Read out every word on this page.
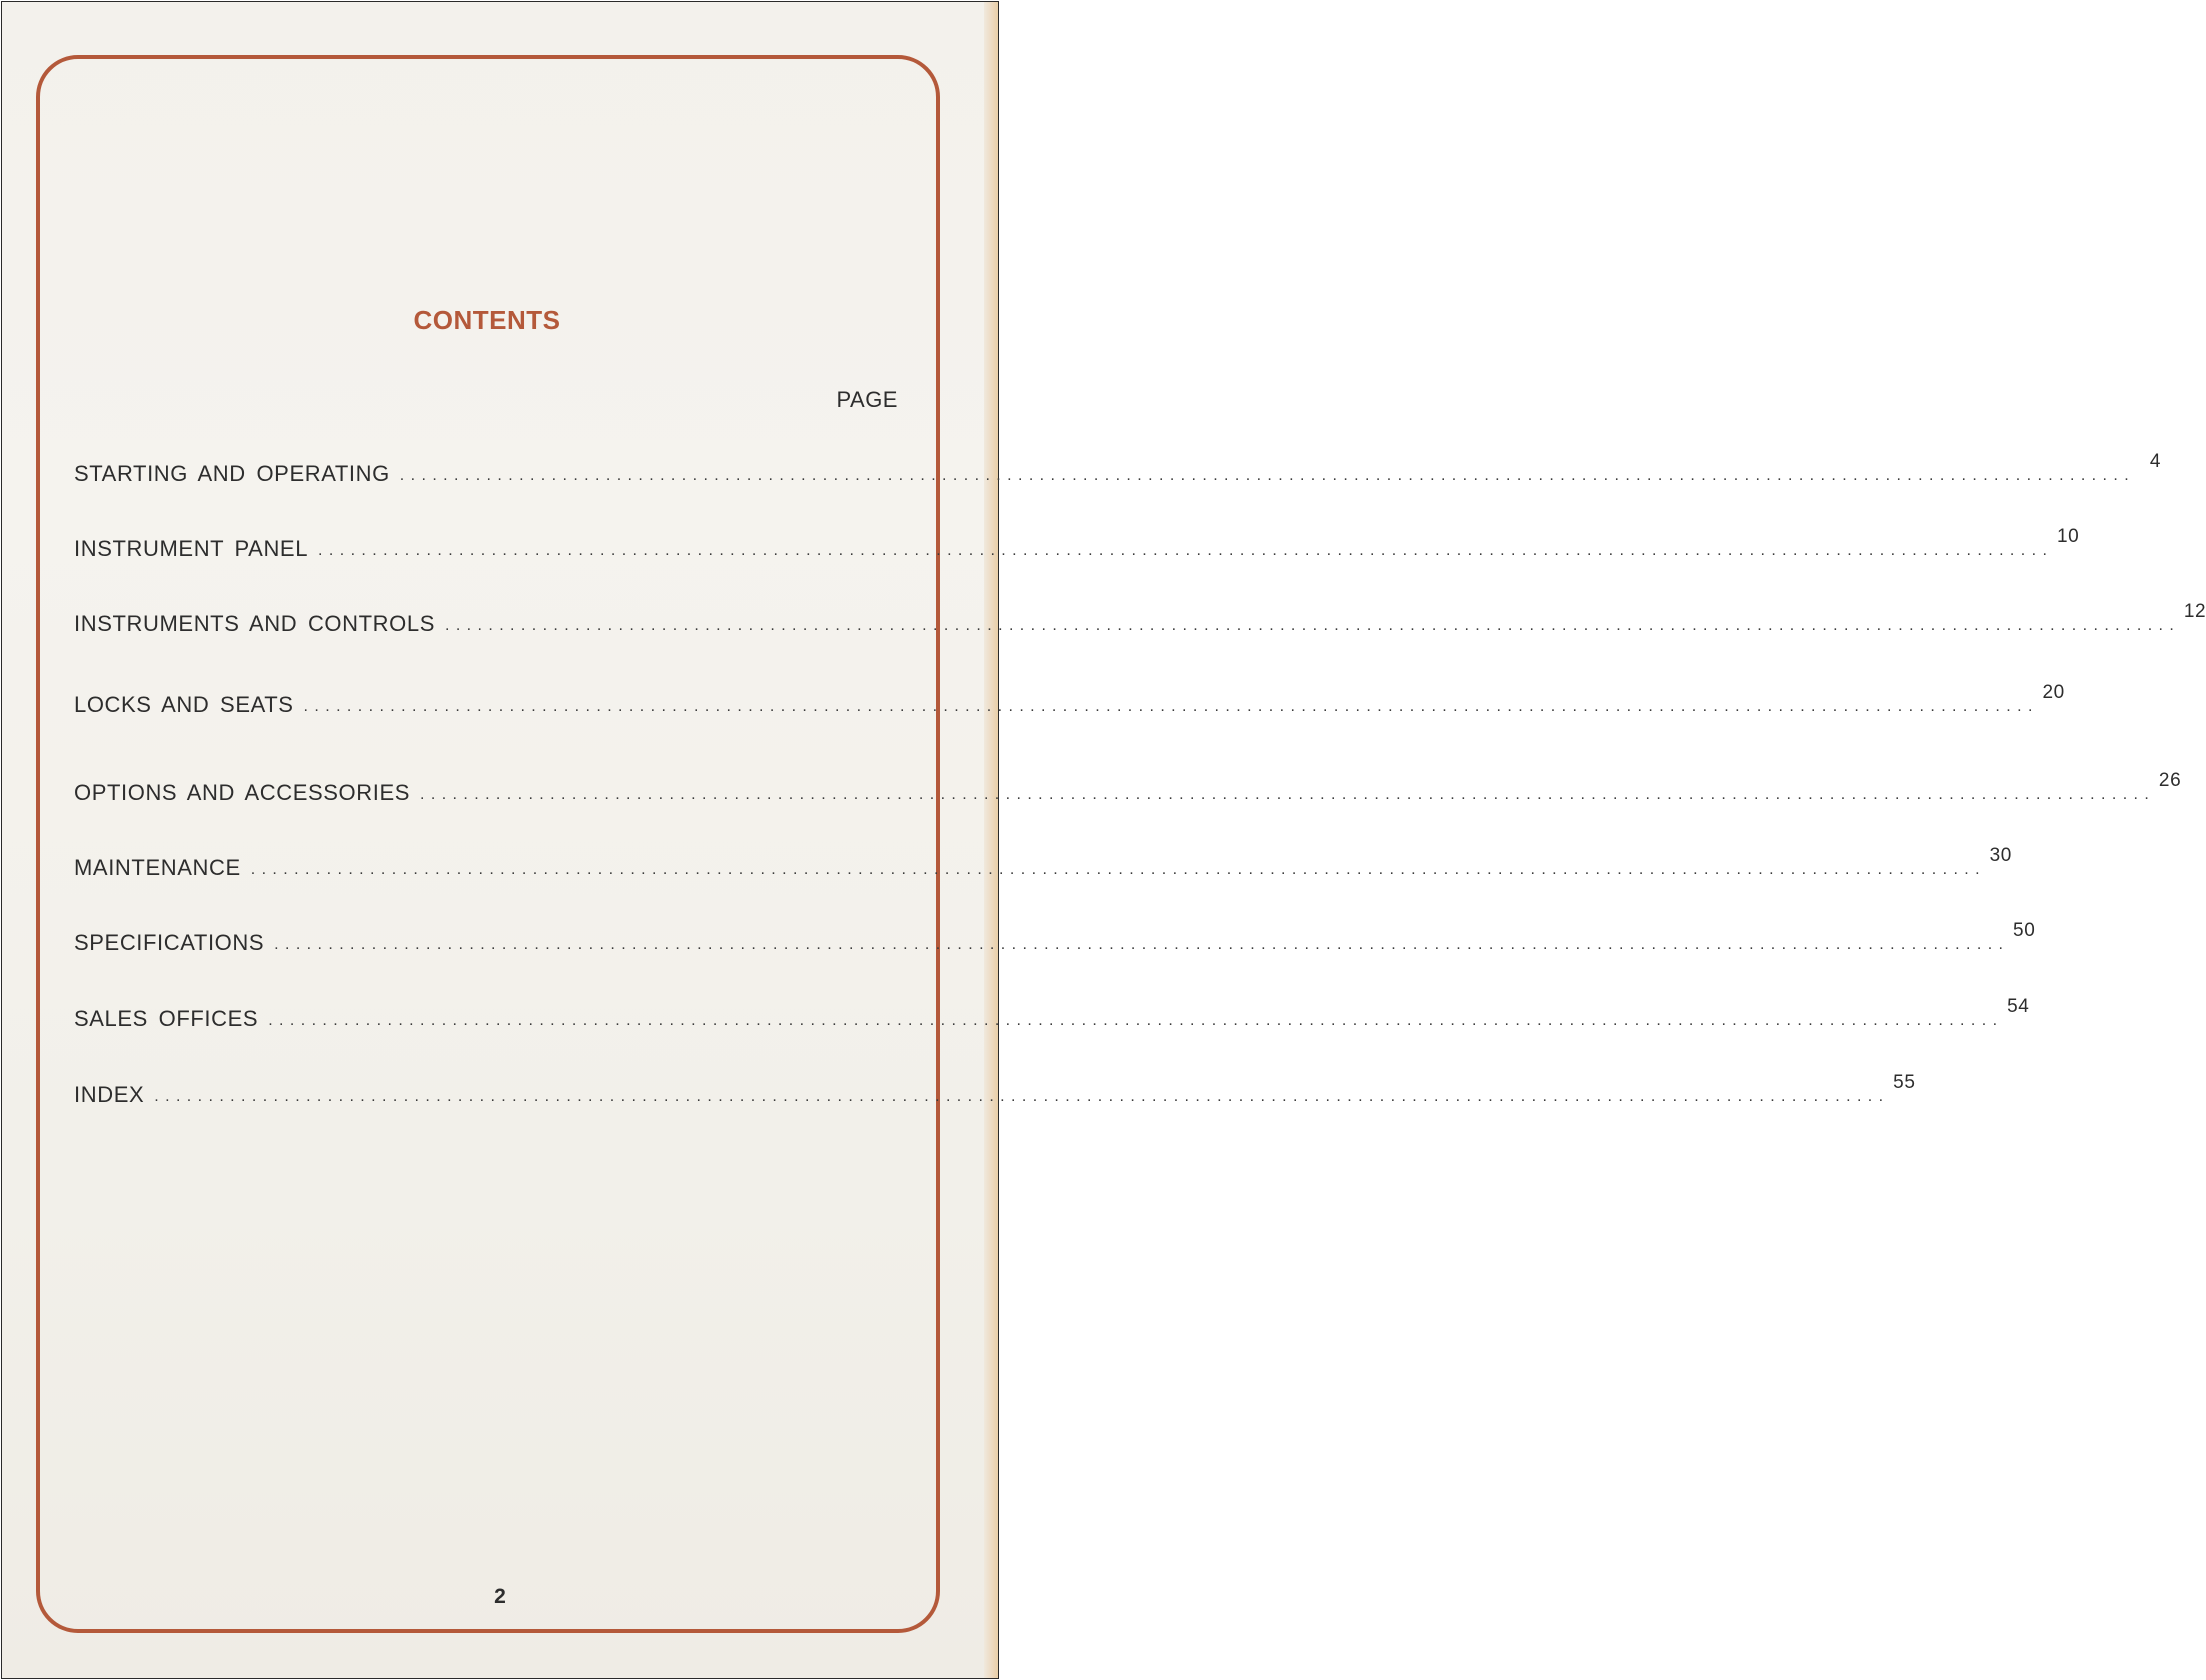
CONTENTS
PAGE
STARTING AND OPERATING ................................................................................................................................................................
4
INSTRUMENT PANEL ................................................................................................................................................................
10
INSTRUMENTS AND CONTROLS ................................................................................................................................................................
12
LOCKS AND SEATS ................................................................................................................................................................
20
OPTIONS AND ACCESSORIES ................................................................................................................................................................
26
MAINTENANCE ................................................................................................................................................................
30
SPECIFICATIONS ................................................................................................................................................................
50
SALES OFFICES ................................................................................................................................................................
54
INDEX ................................................................................................................................................................
55
2
